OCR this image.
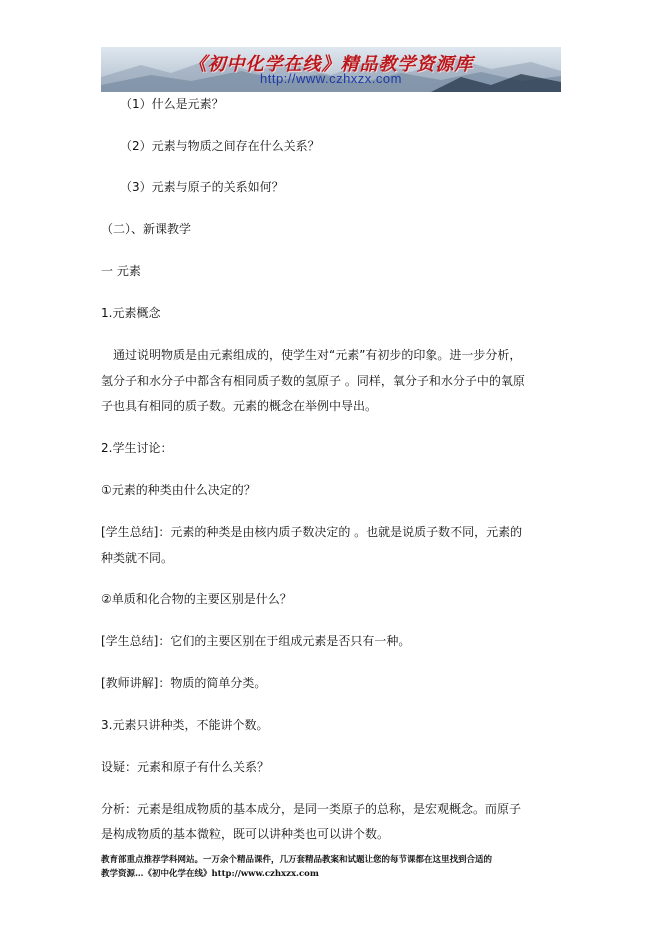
《初中化学在线》精品教学资源库
http://www.czhxzx.com
（1）什么是元素？
（2）元素与物质之间存在什么关系？
（3）元素与原子的关系如何？
（二）、新课教学
一 元素
1.元素概念
通过说明物质是由元素组成的，使学生对“元素”有初步的印象。进一步分析，
氢分子和水分子中都含有相同质子数的氢原子 。同样，氧分子和水分子中的氧原
子也具有相同的质子数。元素的概念在举例中导出。
2.学生讨论：
①元素的种类由什么决定的？
[学生总结]：元素的种类是由核内质子数决定的 。也就是说质子数不同，元素的
种类就不同。
②单质和化合物的主要区别是什么？
[学生总结]：它们的主要区别在于组成元素是否只有一种。
[教师讲解]：物质的简单分类。
3.元素只讲种类，不能讲个数。
设疑：元素和原子有什么关系？
分析：元素是组成物质的基本成分，是同一类原子的总称，是宏观概念。而原子
是构成物质的基本微粒，既可以讲种类也可以讲个数。
教育部重点推荐学科网站。一万余个精品课件，几万套精品教案和试题让您的每节课都在这里找到合适的
教学资源…《初中化学在线》http://www.czhxzx.com
